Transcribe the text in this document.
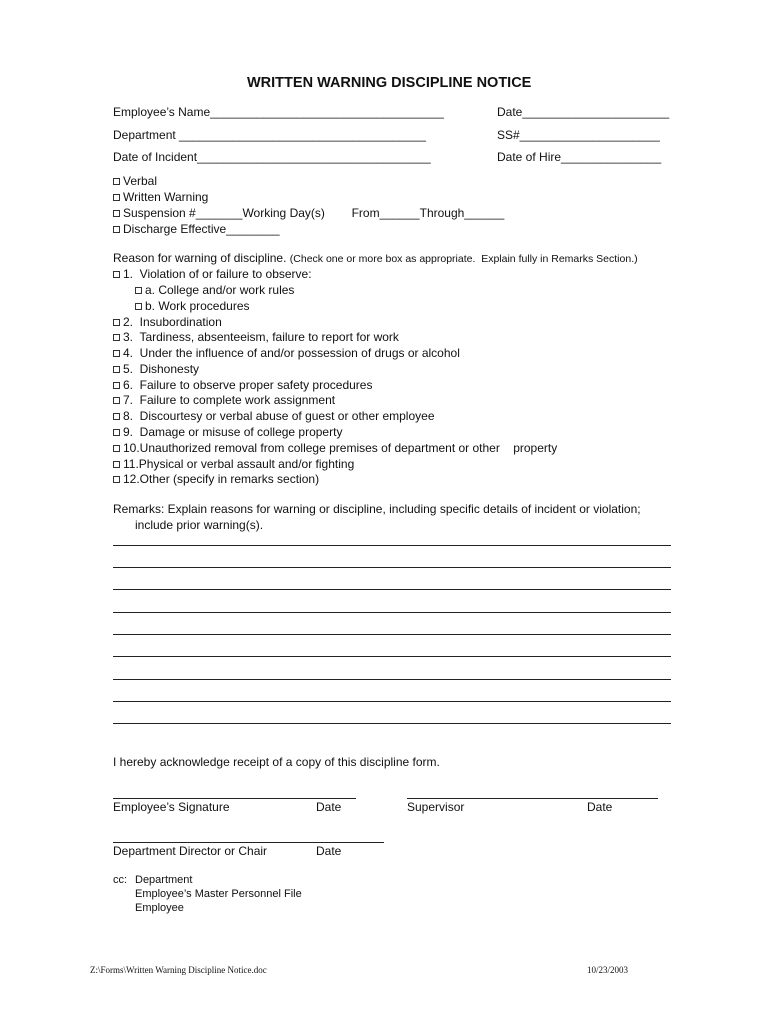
WRITTEN WARNING DISCIPLINE NOTICE
Employee’s Name___________________________________	Date______________________
Department _____________________________________	SS#_____________________
Date of Incident___________________________________	Date of Hire_______________
Verbal
Written Warning
Suspension #_______Working Day(s)        From______Through______
Discharge Effective________
Reason for warning of discipline. (Check one or more box as appropriate.  Explain fully in Remarks Section.)
1.  Violation of or failure to observe:
a. College and/or work rules
b. Work procedures
2.  Insubordination
3.  Tardiness, absenteeism, failure to report for work
4.  Under the influence of and/or possession of drugs or alcohol
5.  Dishonesty
6.  Failure to observe proper safety procedures
7.  Failure to complete work assignment
8.  Discourtesy or verbal abuse of guest or other employee
9.  Damage or misuse of college property
10.Unauthorized removal from college premises of department or other    property
11.Physical or verbal assault and/or fighting
12.Other (specify in remarks section)
Remarks: Explain reasons for warning or discipline, including specific details of incident or violation;
include prior warning(s).
I hereby acknowledge receipt of a copy of this discipline form.
Employee’s Signature	Date	Supervisor	Date
Department Director or Chair	Date
cc: Department
Employee’s Master Personnel File
Employee
Z:\Forms\Written Warning Discipline Notice.doc	10/23/2003
